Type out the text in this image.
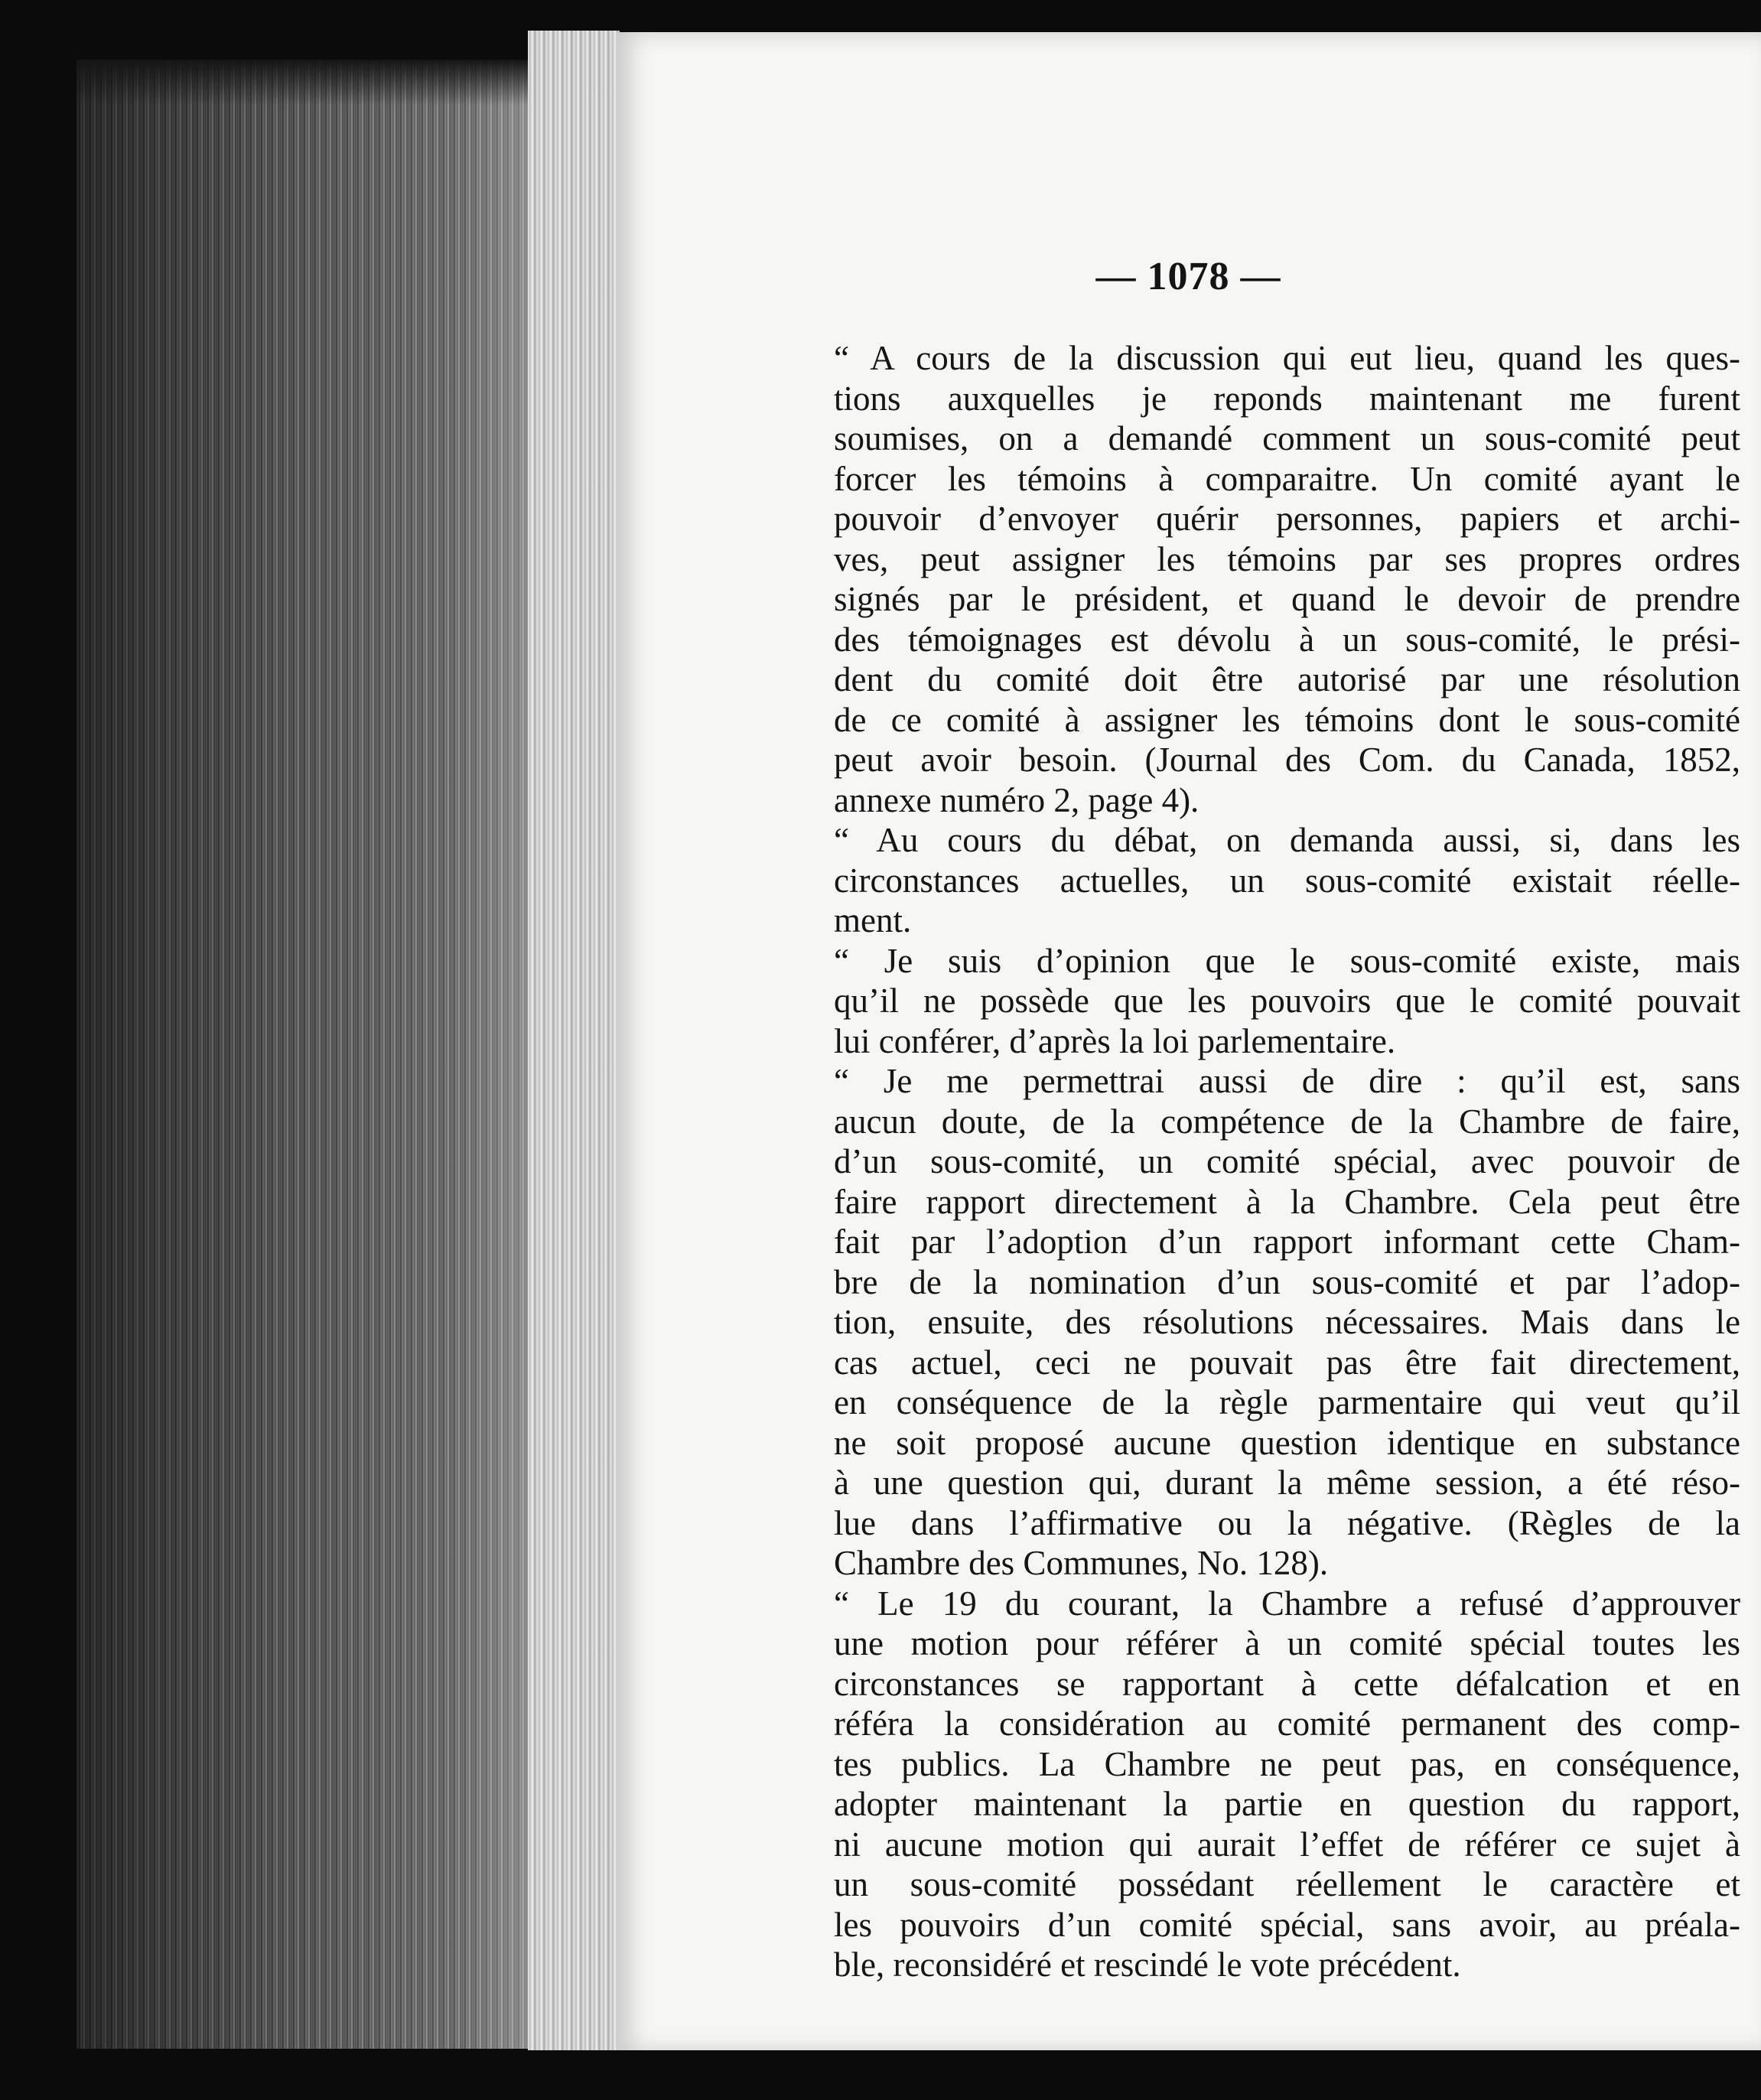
— 1078 —

“ A cours de la discussion qui eut lieu, quand les ques-
tions auxquelles je reponds maintenant me furent
soumises, on a demandé comment un sous-comité peut
forcer les témoins à comparaitre. Un comité ayant le
pouvoir d’envoyer quérir personnes, papiers et archi-
ves, peut assigner les témoins par ses propres ordres
signés par le président, et quand le devoir de prendre
des témoignages est dévolu à un sous-comité, le prési-
dent du comité doit être autorisé par une résolution
de ce comité à assigner les témoins dont le sous-comité
peut avoir besoin. (Journal des Com. du Canada, 1852,
annexe numéro 2, page 4).

“ Au cours du débat, on demanda aussi, si, dans les
circonstances actuelles, un sous-comité existait réelle-
ment.

“ Je suis d’opinion que le sous-comité existe, mais
qu’il ne possède que les pouvoirs que le comité pouvait
lui conférer, d’après la loi parlementaire.

“ Je me permettrai aussi de dire : qu’il est, sans
aucun doute, de la compétence de la Chambre de faire,
d’un sous-comité, un comité spécial, avec pouvoir de
faire rapport directement à la Chambre. Cela peut être
fait par l’adoption d’un rapport informant cette Cham-
bre de la nomination d’un sous-comité et par l’adop-
tion, ensuite, des résolutions nécessaires. Mais dans le
cas actuel, ceci ne pouvait pas être fait directement,
en conséquence de la règle parmentaire qui veut qu’il
ne soit proposé aucune question identique en substance
à une question qui, durant la même session, a été réso-
lue dans l’affirmative ou la négative. (Règles de la
Chambre des Communes, No. 128).

“ Le 19 du courant, la Chambre a refusé d’approuver
une motion pour référer à un comité spécial toutes les
circonstances se rapportant à cette défalcation et en
référa la considération au comité permanent des comp-
tes publics. La Chambre ne peut pas, en conséquence,
adopter maintenant la partie en question du rapport,
ni aucune motion qui aurait l’effet de référer ce sujet à
un sous-comité possédant réellement le caractère et
les pouvoirs d’un comité spécial, sans avoir, au préala-
ble, reconsidéré et rescindé le vote précédent.
